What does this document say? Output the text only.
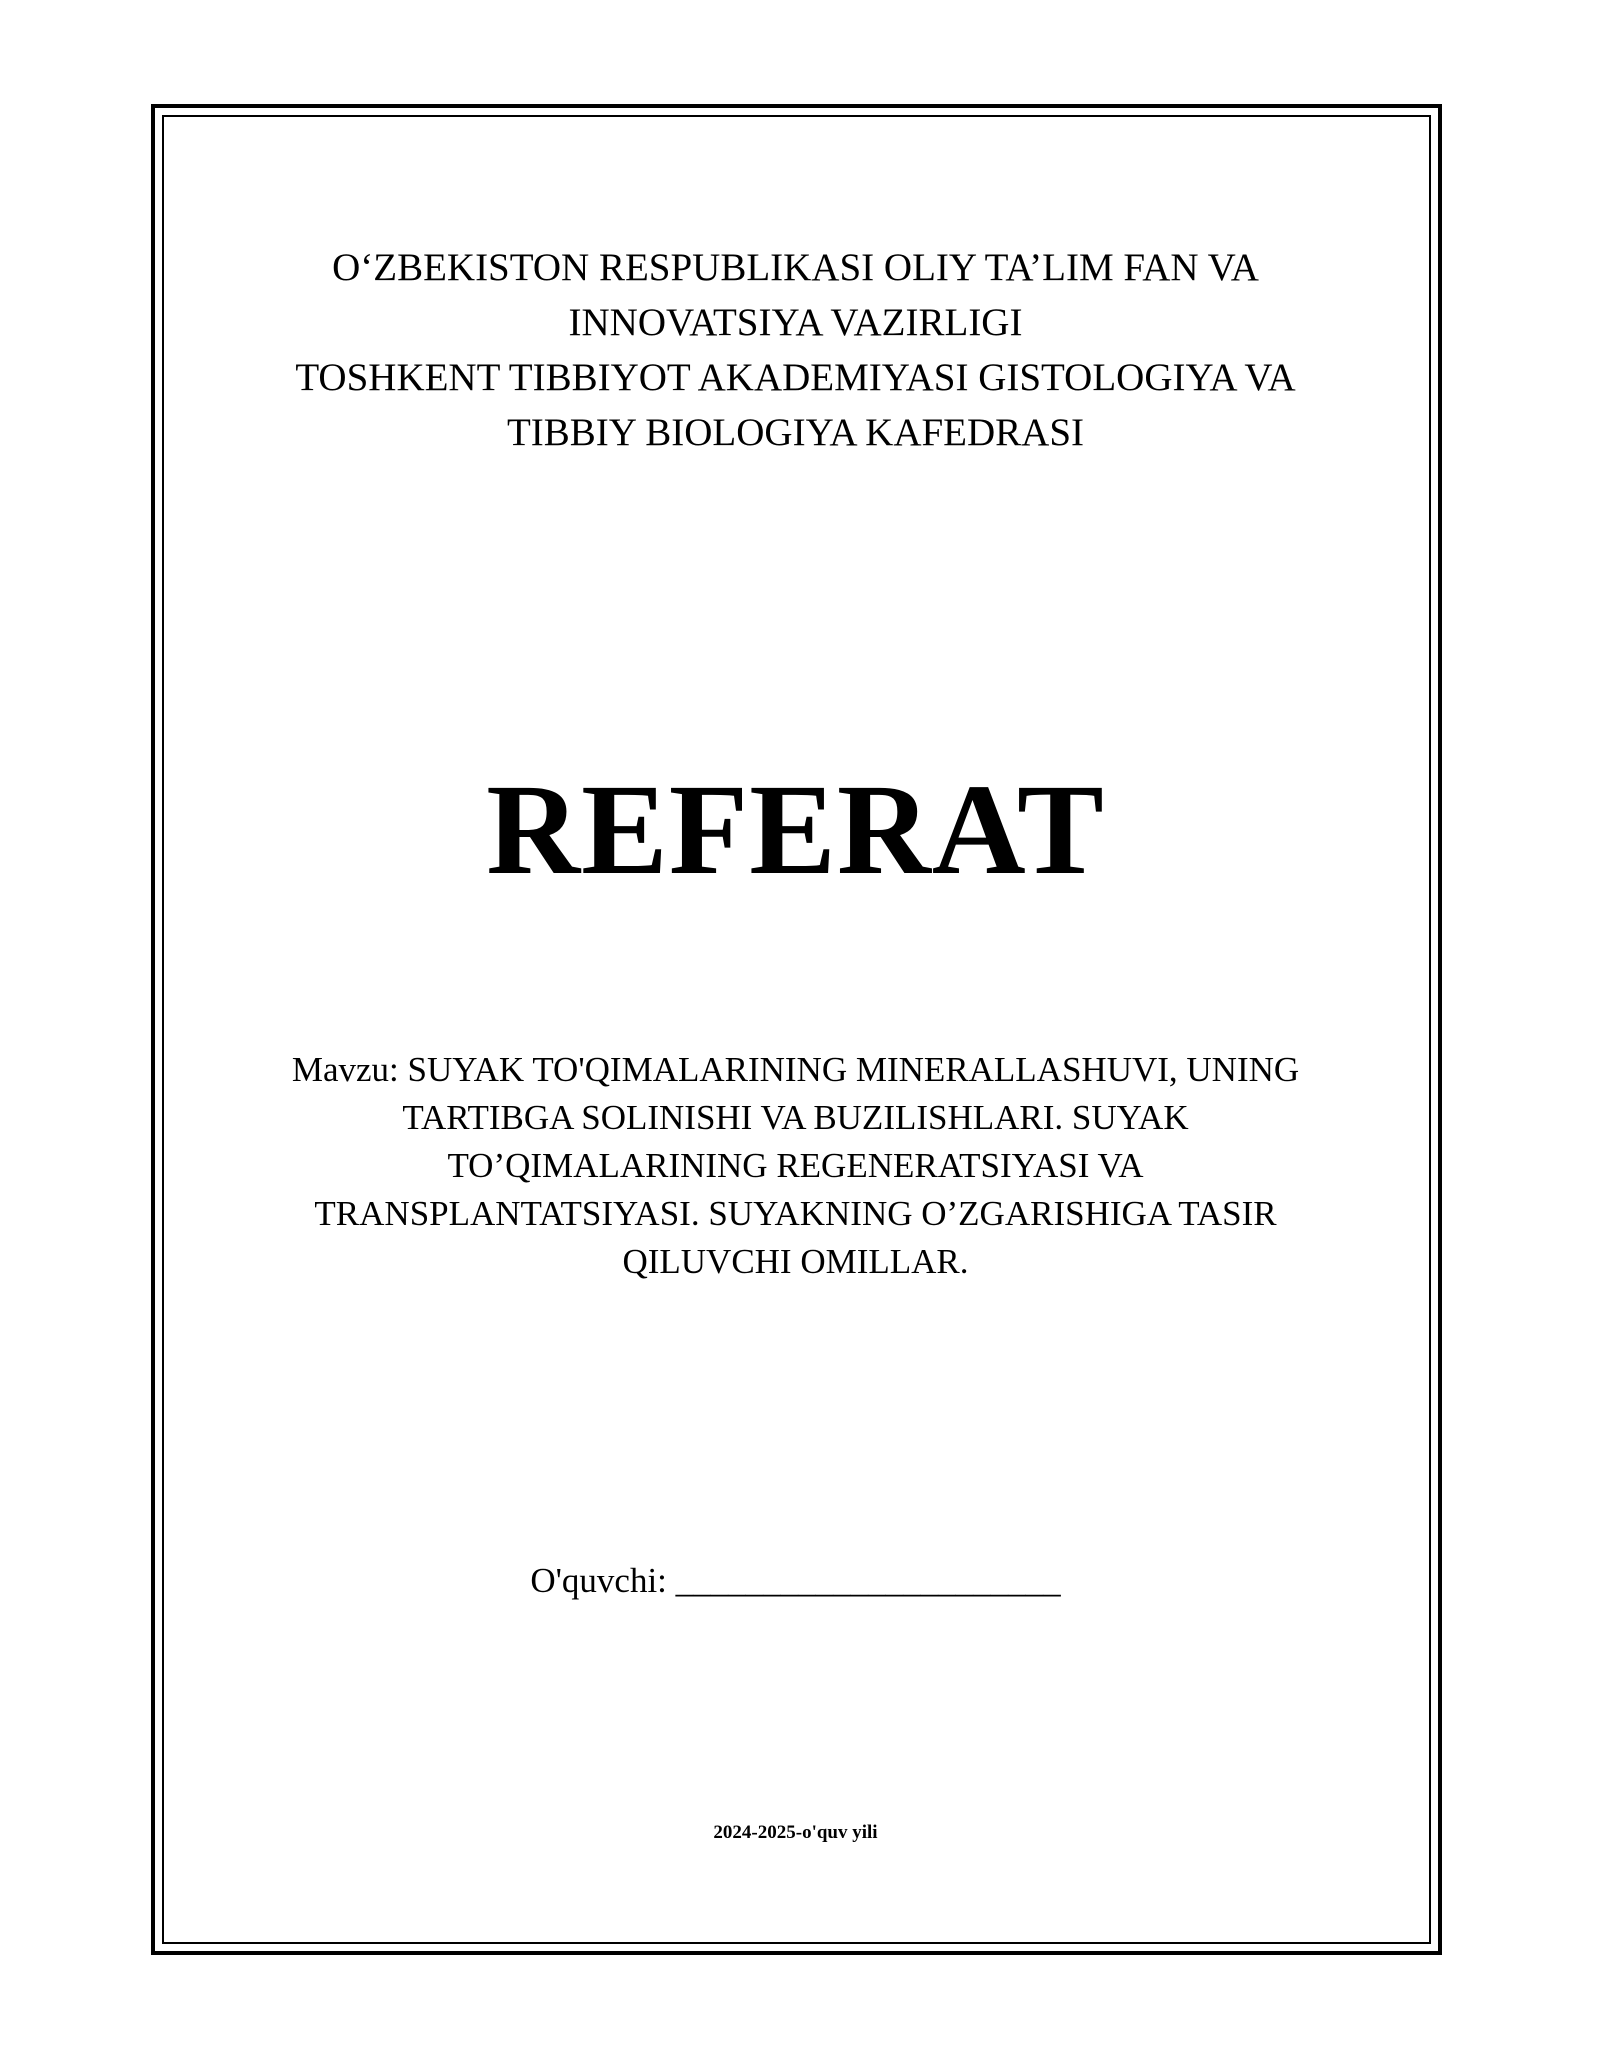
O‘ZBEKISTON RESPUBLIKASI OLIY TA’LIM FAN VA
INNOVATSIYA VAZIRLIGI
TOSHKENT TIBBIYOT AKADEMIYASI GISTOLOGIYA VA
TIBBIY BIOLOGIYA KAFEDRASI
REFERAT
Mavzu: SUYAK TO'QIMALARINING MINERALLASHUVI, UNING
TARTIBGA SOLINISHI VA BUZILISHLARI. SUYAK
TO’QIMALARINING REGENERATSIYASI VA
TRANSPLANTATSIYASI. SUYAKNING O’ZGARISHIGA TASIR
QILUVCHI OMILLAR.
O'quvchi: ______________________
2024-2025-o'quv yili
